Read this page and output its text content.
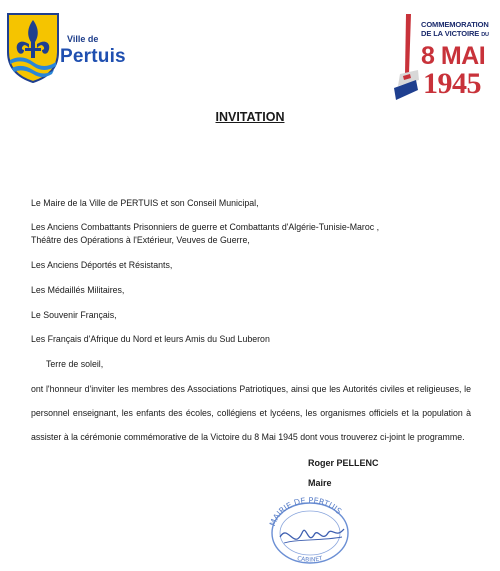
Ville de
Pertuis
COMMEMORATION
DE LA VICTOIRE DU
8 MAI
1945
INVITATION
Le Maire de la Ville de PERTUIS et son Conseil Municipal,
Les Anciens Combattants Prisonniers de guerre et Combattants d'Algérie-Tunisie-Maroc ,
Théâtre des Opérations à l'Extérieur, Veuves de Guerre,
Les Anciens Déportés et Résistants,
Les Médaillés Militaires,
Le Souvenir Français,
Les Français d'Afrique du Nord et leurs Amis du Sud Luberon
Terre de soleil,
ont l'honneur d'inviter les membres des Associations Patriotiques, ainsi que les Autorités civiles et religieuses, le personnel enseignant, les enfants des écoles, collégiens et lycéens, les organismes officiels et la population à assister à la cérémonie commémorative de la Victoire du 8 Mai 1945 dont vous trouverez ci-joint le programme.
Roger PELLENC
Maire
MAIRIE DE PERTUIS
CABINET
